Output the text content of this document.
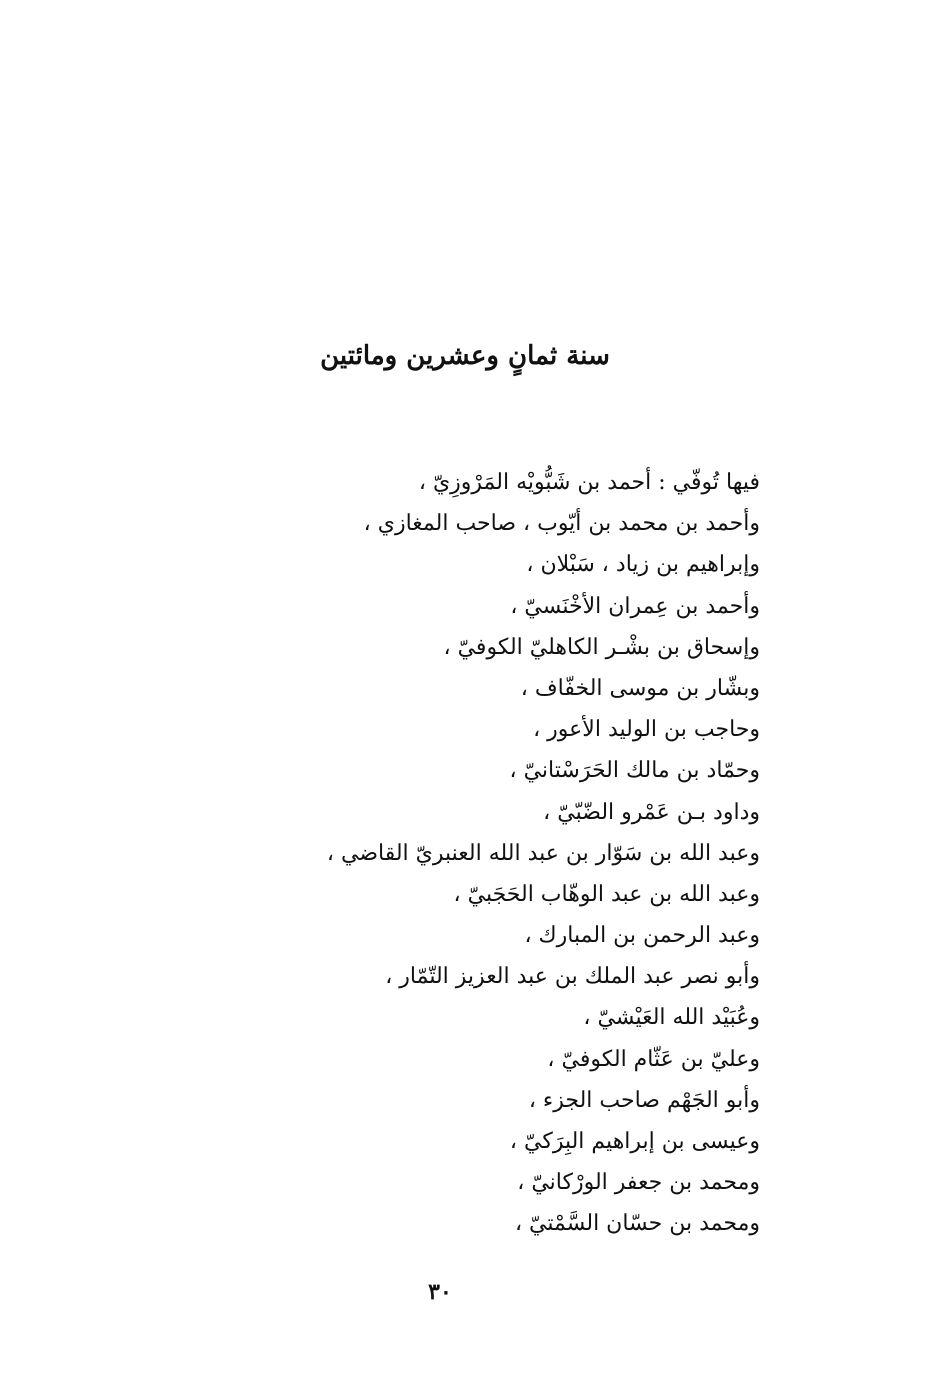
سنة ثمانٍ وعشرين ومائتين
فيها تُوفّي : أحمد بن شَبُّويْه المَرْوزِيّ ،
وأحمد بن محمد بن أيّوب ، صاحب المغازي ،
وإبراهيم بن زياد ، سَبْلان ،
وأحمد بن عِمران الأخْنَسيّ ،
وإسحاق بن بشْـر الكاهليّ الكوفيّ ،
وبشّار بن موسى الخفّاف ،
وحاجب بن الوليد الأعور ،
وحمّاد بن مالك الحَرَسْتانيّ ،
وداود بـن عَمْرو الضّبّيّ ،
وعبد الله بن سَوّار بن عبد الله العنبريّ القاضي ،
وعبد الله بن عبد الوهّاب الحَجَبيّ ،
وعبد الرحمن بن المبارك ،
وأبو نصر عبد الملك بن عبد العزيز التّمّار ،
وعُبَيْد الله العَيْشيّ ،
وعليّ بن عَثّام الكوفيّ ،
وأبو الجَهْم صاحب الجزء ،
وعيسى بن إبراهيم البِرَكيّ ،
ومحمد بن جعفر الورْكانيّ ،
ومحمد بن حسّان السَّمْتيّ ،
٣٠
